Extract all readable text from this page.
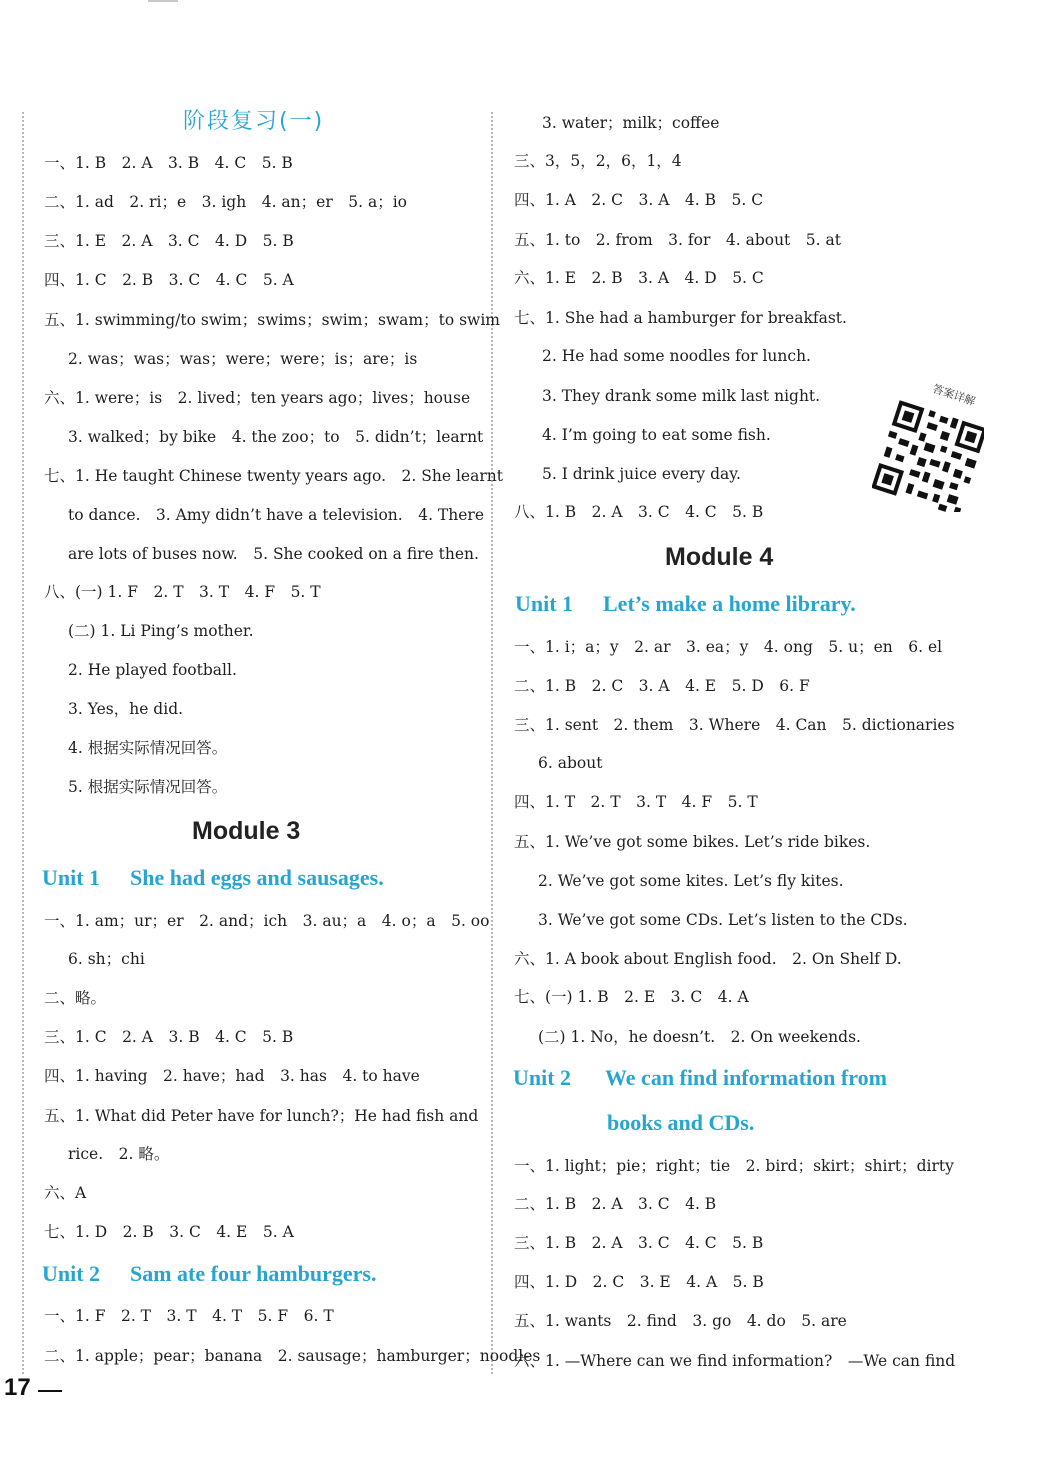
阶段复习(一)
一、1. B　2. A　3. B　4. C　5. B
二、1. ad　2. ri；e　3. igh　4. an；er　5. a；io
三、1. E　2. A　3. C　4. D　5. B
四、1. C　2. B　3. C　4. C　5. A
五、1. swimming/to swim；swims；swim；swam；to swim
2. was；was；was；were；were；is；are；is
六、1. were；is　2. lived；ten years ago；lives；house
3. walked；by bike　4. the zoo；to　5. didn’t；learnt
七、1. He taught Chinese twenty years ago.　2. She learnt
to dance.　3. Amy didn’t have a television.　4. There
are lots of buses now.　5. She cooked on a fire then.
八、(一) 1. F　2. T　3. T　4. F　5. T
(二) 1. Li Ping’s mother.
2. He played football.
3. Yes，he did.
4. 根据实际情况回答。
5. 根据实际情况回答。
Module 3
Unit 1 She had eggs and sausages.
一、1. am；ur；er　2. and；ich　3. au；a　4. o；a　5. oo
6. sh；chi
二、略。
三、1. C　2. A　3. B　4. C　5. B
四、1. having　2. have；had　3. has　4. to have
五、1. What did Peter have for lunch?；He had fish and
rice.　2. 略。
六、A
七、1. D　2. B　3. C　4. E　5. A
Unit 2 Sam ate four hamburgers.
一、1. F　2. T　3. T　4. T　5. F　6. T
二、1. apple；pear；banana　2. sausage；hamburger；noodles
3. water；milk；coffee
三、3，5，2，6，1，4
四、1. A　2. C　3. A　4. B　5. C
五、1. to　2. from　3. for　4. about　5. at
六、1. E　2. B　3. A　4. D　5. C
七、1. She had a hamburger for breakfast.
2. He had some noodles for lunch.
3. They drank some milk last night.
4. I’m going to eat some fish.
5. I drink juice every day.
八、1. B　2. A　3. C　4. C　5. B
Module 4
Unit 1 Let’s make a home library.
一、1. i；a；y　2. ar　3. ea；y　4. ong　5. u；en　6. el
二、1. B　2. C　3. A　4. E　5. D　6. F
三、1. sent　2. them　3. Where　4. Can　5. dictionaries
6. about
四、1. T　2. T　3. T　4. F　5. T
五、1. We’ve got some bikes. Let’s ride bikes.
2. We’ve got some kites. Let’s fly kites.
3. We’ve got some CDs. Let’s listen to the CDs.
六、1. A book about English food.　2. On Shelf D.
七、(一) 1. B　2. E　3. C　4. A
(二) 1. No，he doesn’t.　2. On weekends.
Unit 2 We can find information from
books and CDs.
一、1. light；pie；right；tie　2. bird；skirt；shirt；dirty
二、1. B　2. A　3. C　4. B
三、1. B　2. A　3. C　4. C　5. B
四、1. D　2. C　3. E　4. A　5. B
五、1. wants　2. find　3. go　4. do　5. are
六、1. —Where can we find information?　—We can find
答案详解
17
